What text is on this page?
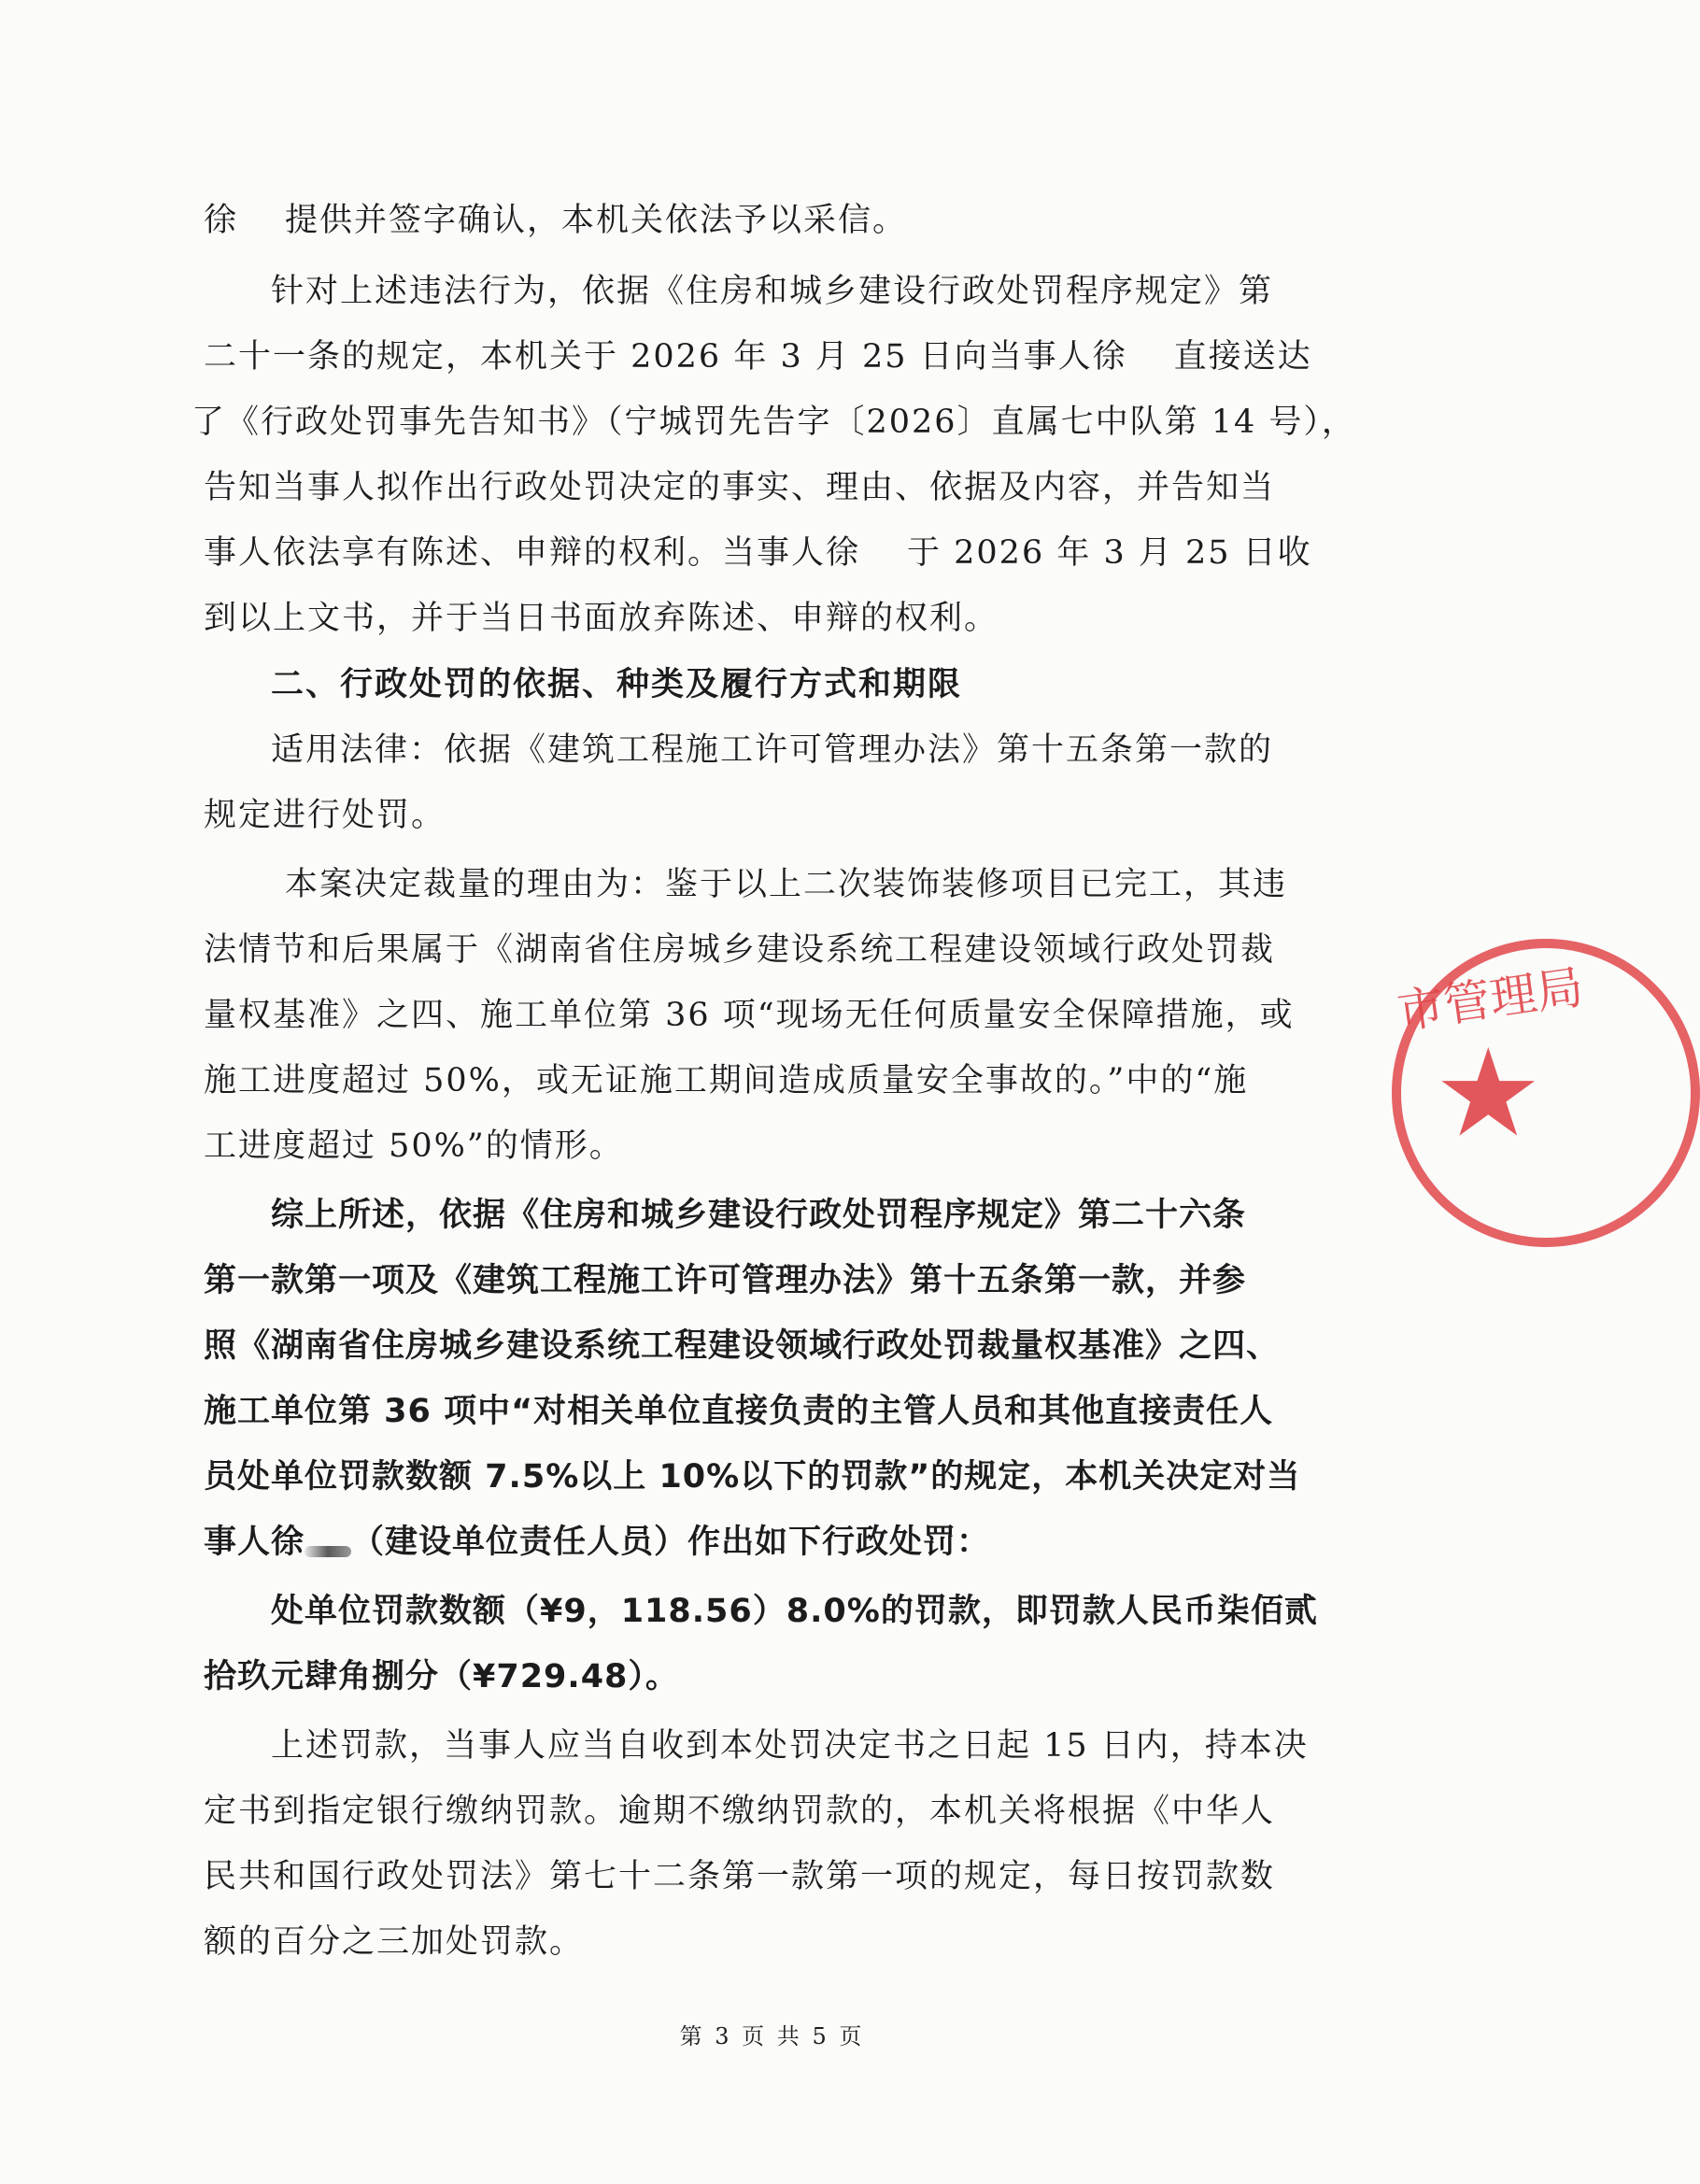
徐 提供并签字确认，本机关依法予以采信。
针对上述违法行为，依据《住房和城乡建设行政处罚程序规定》第
二十一条的规定，本机关于 2026 年 3 月 25 日向当事人徐 直接送达
了《行政处罚事先告知书》（宁城罚先告字〔2026〕直属七中队第 14 号），
告知当事人拟作出行政处罚决定的事实、理由、依据及内容，并告知当
事人依法享有陈述、申辩的权利。当事人徐 于 2026 年 3 月 25 日收
到以上文书，并于当日书面放弃陈述、申辩的权利。
二、行政处罚的依据、种类及履行方式和期限
适用法律：依据《建筑工程施工许可管理办法》第十五条第一款的
规定进行处罚。
本案决定裁量的理由为：鉴于以上二次装饰装修项目已完工，其违
法情节和后果属于《湖南省住房城乡建设系统工程建设领域行政处罚裁
量权基准》之四、施工单位第 36 项“现场无任何质量安全保障措施，或
施工进度超过 50%，或无证施工期间造成质量安全事故的。”中的“施
工进度超过 50%”的情形。
综上所述，依据《住房和城乡建设行政处罚程序规定》第二十六条
第一款第一项及《建筑工程施工许可管理办法》第十五条第一款，并参
照《湖南省住房城乡建设系统工程建设领域行政处罚裁量权基准》之四、
施工单位第 36 项中“对相关单位直接负责的主管人员和其他直接责任人
员处单位罚款数额 7.5%以上 10%以下的罚款”的规定，本机关决定对当
事人徐 （建设单位责任人员）作出如下行政处罚：
处单位罚款数额（¥9，118.56）8.0%的罚款，即罚款人民币柒佰贰
拾玖元肆角捌分（¥729.48）。
上述罚款，当事人应当自收到本处罚决定书之日起 15 日内，持本决
定书到指定银行缴纳罚款。逾期不缴纳罚款的，本机关将根据《中华人
民共和国行政处罚法》第七十二条第一款第一项的规定，每日按罚款数
额的百分之三加处罚款。
市管理局
★
第 3 页 共 5 页
